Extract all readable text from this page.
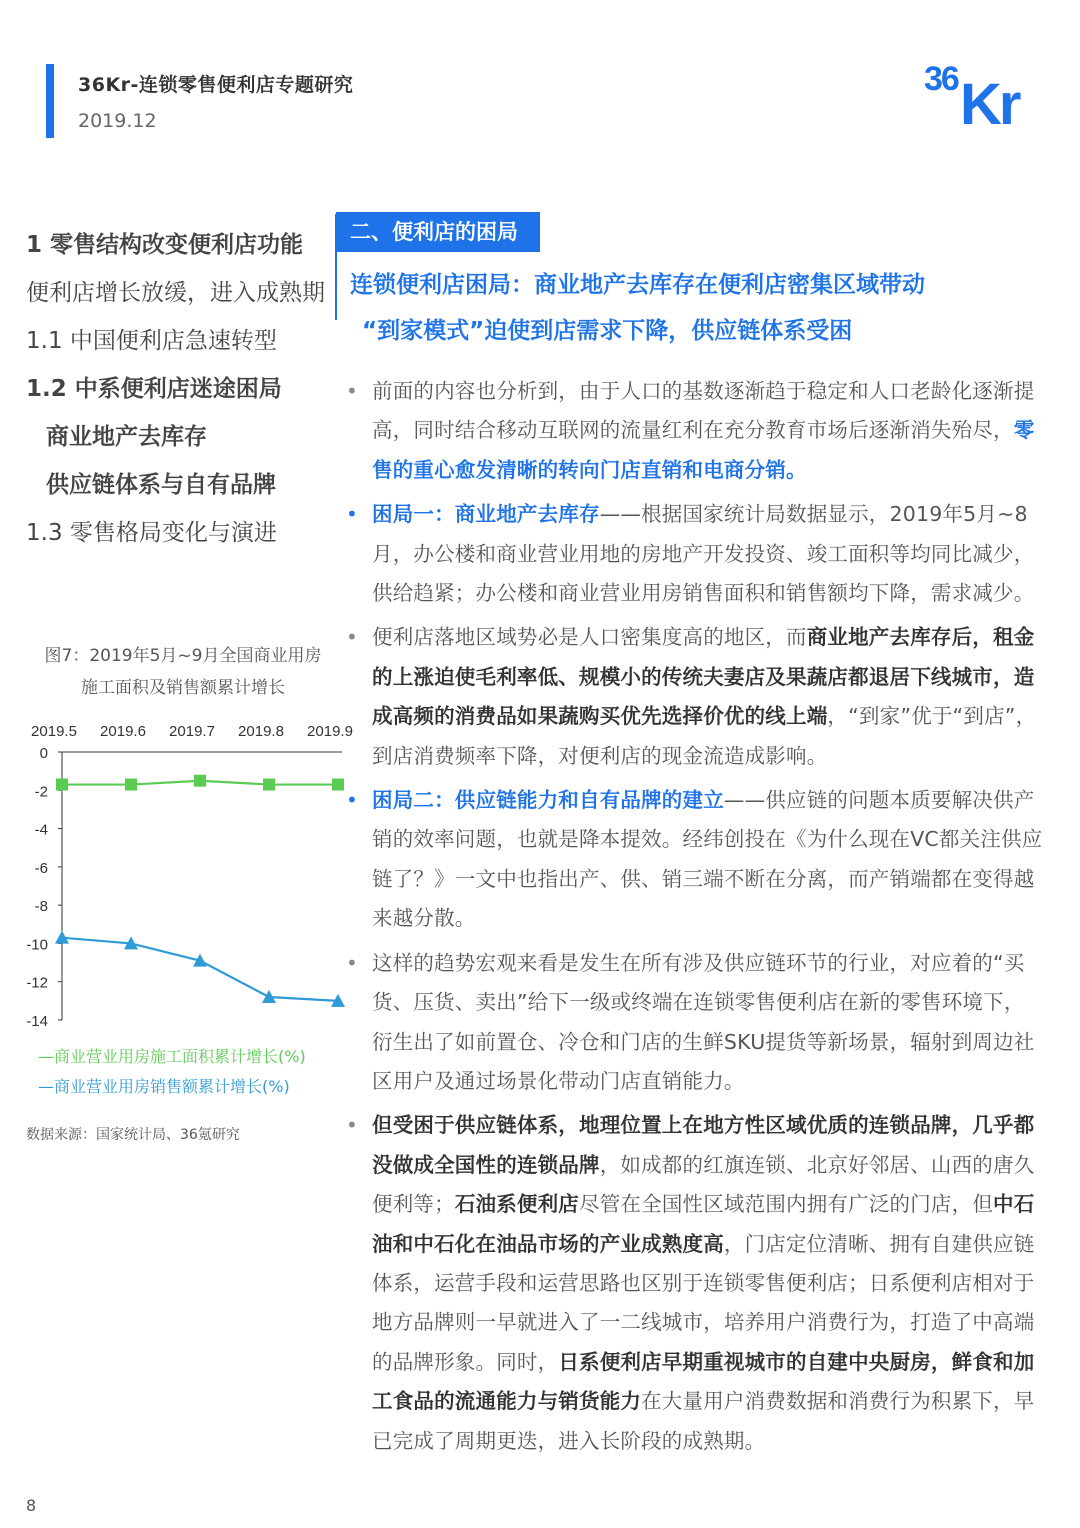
36Kr-连锁零售便利店专题研究
2019.12
36 Kr
1 零售结构改变便利店功能
便利店增长放缓，进入成熟期
1.1 中国便利店急速转型
1.2 中系便利店迷途困局
商业地产去库存
供应链体系与自有品牌
1.3 零售格局变化与演进
二、便利店的困局
连锁便利店困局：商业地产去库存在便利店密集区域带动
“到家模式”迫使到店需求下降，供应链体系受困
• 前面的内容也分析到，由于人口的基数逐渐趋于稳定和人口老龄化逐渐提高，同时结合移动互联网的流量红利在充分教育市场后逐渐消失殆尽，零售的重心愈发清晰的转向门店直销和电商分销。
• 困局一：商业地产去库存——根据国家统计局数据显示，2019年5月~8月，办公楼和商业营业用地的房地产开发投资、竣工面积等均同比减少，供给趋紧；办公楼和商业营业用房销售面积和销售额均下降，需求减少。
• 便利店落地区域势必是人口密集度高的地区，而商业地产去库存后，租金的上涨迫使毛利率低、规模小的传统夫妻店及果蔬店都退居下线城市，造成高频的消费品如果蔬购买优先选择价优的线上端，“到家”优于“到店”，到店消费频率下降，对便利店的现金流造成影响。
• 困局二：供应链能力和自有品牌的建立——供应链的问题本质要解决供产销的效率问题，也就是降本提效。经纬创投在《为什么现在VC都关注供应链了？》一文中也指出产、供、销三端不断在分离，而产销端都在变得越来越分散。
• 这样的趋势宏观来看是发生在所有涉及供应链环节的行业，对应着的“买货、压货、卖出”给下一级或终端在连锁零售便利店在新的零售环境下，衍生出了如前置仓、冷仓和门店的生鲜SKU提货等新场景，辐射到周边社区用户及通过场景化带动门店直销能力。
• 但受困于供应链体系，地理位置上在地方性区域优质的连锁品牌，几乎都没做成全国性的连锁品牌，如成都的红旗连锁、北京好邻居、山西的唐久便利等；石油系便利店尽管在全国性区域范围内拥有广泛的门店，但中石油和中石化在油品市场的产业成熟度高，门店定位清晰、拥有自建供应链体系，运营手段和运营思路也区别于连锁零售便利店；日系便利店相对于地方品牌则一早就进入了一二线城市，培养用户消费行为，打造了中高端的品牌形象。同时，日系便利店早期重视城市的自建中央厨房，鲜食和加工食品的流通能力与销货能力在大量用户消费数据和消费行为积累下，早已完成了周期更迭，进入长阶段的成熟期。
图7：2019年5月~9月全国商业用房
施工面积及销售额累计增长
0
-2
-4
-6
-8
-10
-12
-14
2019.5 2019.6 2019.7 2019.8 2019.9
—商业营业用房施工面积累计增长(%)
—商业营业用房销售额累计增长(%)
数据来源：国家统计局、36氪研究
8
